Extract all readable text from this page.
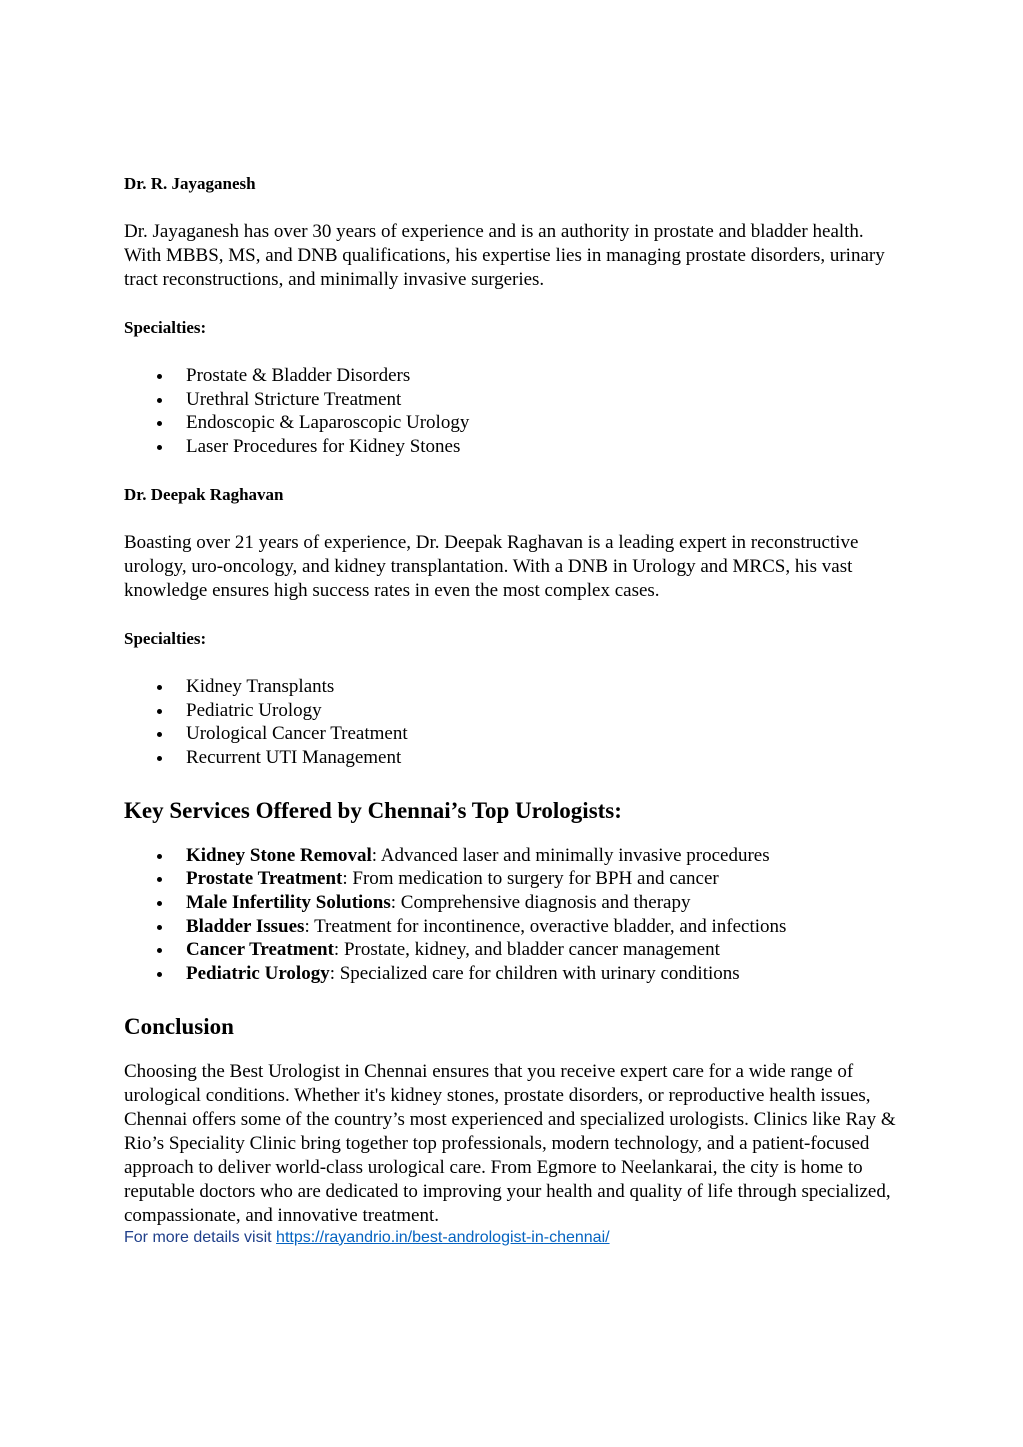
Dr. R. Jayaganesh

Dr. Jayaganesh has over 30 years of experience and is an authority in prostate and bladder health. With MBBS, MS, and DNB qualifications, his expertise lies in managing prostate disorders, urinary tract reconstructions, and minimally invasive surgeries.

Specialties:

Prostate & Bladder Disorders
Urethral Stricture Treatment
Endoscopic & Laparoscopic Urology
Laser Procedures for Kidney Stones

Dr. Deepak Raghavan

Boasting over 21 years of experience, Dr. Deepak Raghavan is a leading expert in reconstructive urology, uro-oncology, and kidney transplantation. With a DNB in Urology and MRCS, his vast knowledge ensures high success rates in even the most complex cases.

Specialties:

Kidney Transplants
Pediatric Urology
Urological Cancer Treatment
Recurrent UTI Management
Key Services Offered by Chennai’s Top Urologists:
Kidney Stone Removal: Advanced laser and minimally invasive procedures
Prostate Treatment: From medication to surgery for BPH and cancer
Male Infertility Solutions: Comprehensive diagnosis and therapy
Bladder Issues: Treatment for incontinence, overactive bladder, and infections
Cancer Treatment: Prostate, kidney, and bladder cancer management
Pediatric Urology: Specialized care for children with urinary conditions
Conclusion

Choosing the Best Urologist in Chennai ensures that you receive expert care for a wide range of urological conditions. Whether it's kidney stones, prostate disorders, or reproductive health issues, Chennai offers some of the country’s most experienced and specialized urologists. Clinics like Ray & Rio’s Speciality Clinic bring together top professionals, modern technology, and a patient-focused approach to deliver world-class urological care. From Egmore to Neelankarai, the city is home to reputable doctors who are dedicated to improving your health and quality of life through specialized, compassionate, and innovative treatment.

For more details visit https://rayandrio.in/best-andrologist-in-chennai/
